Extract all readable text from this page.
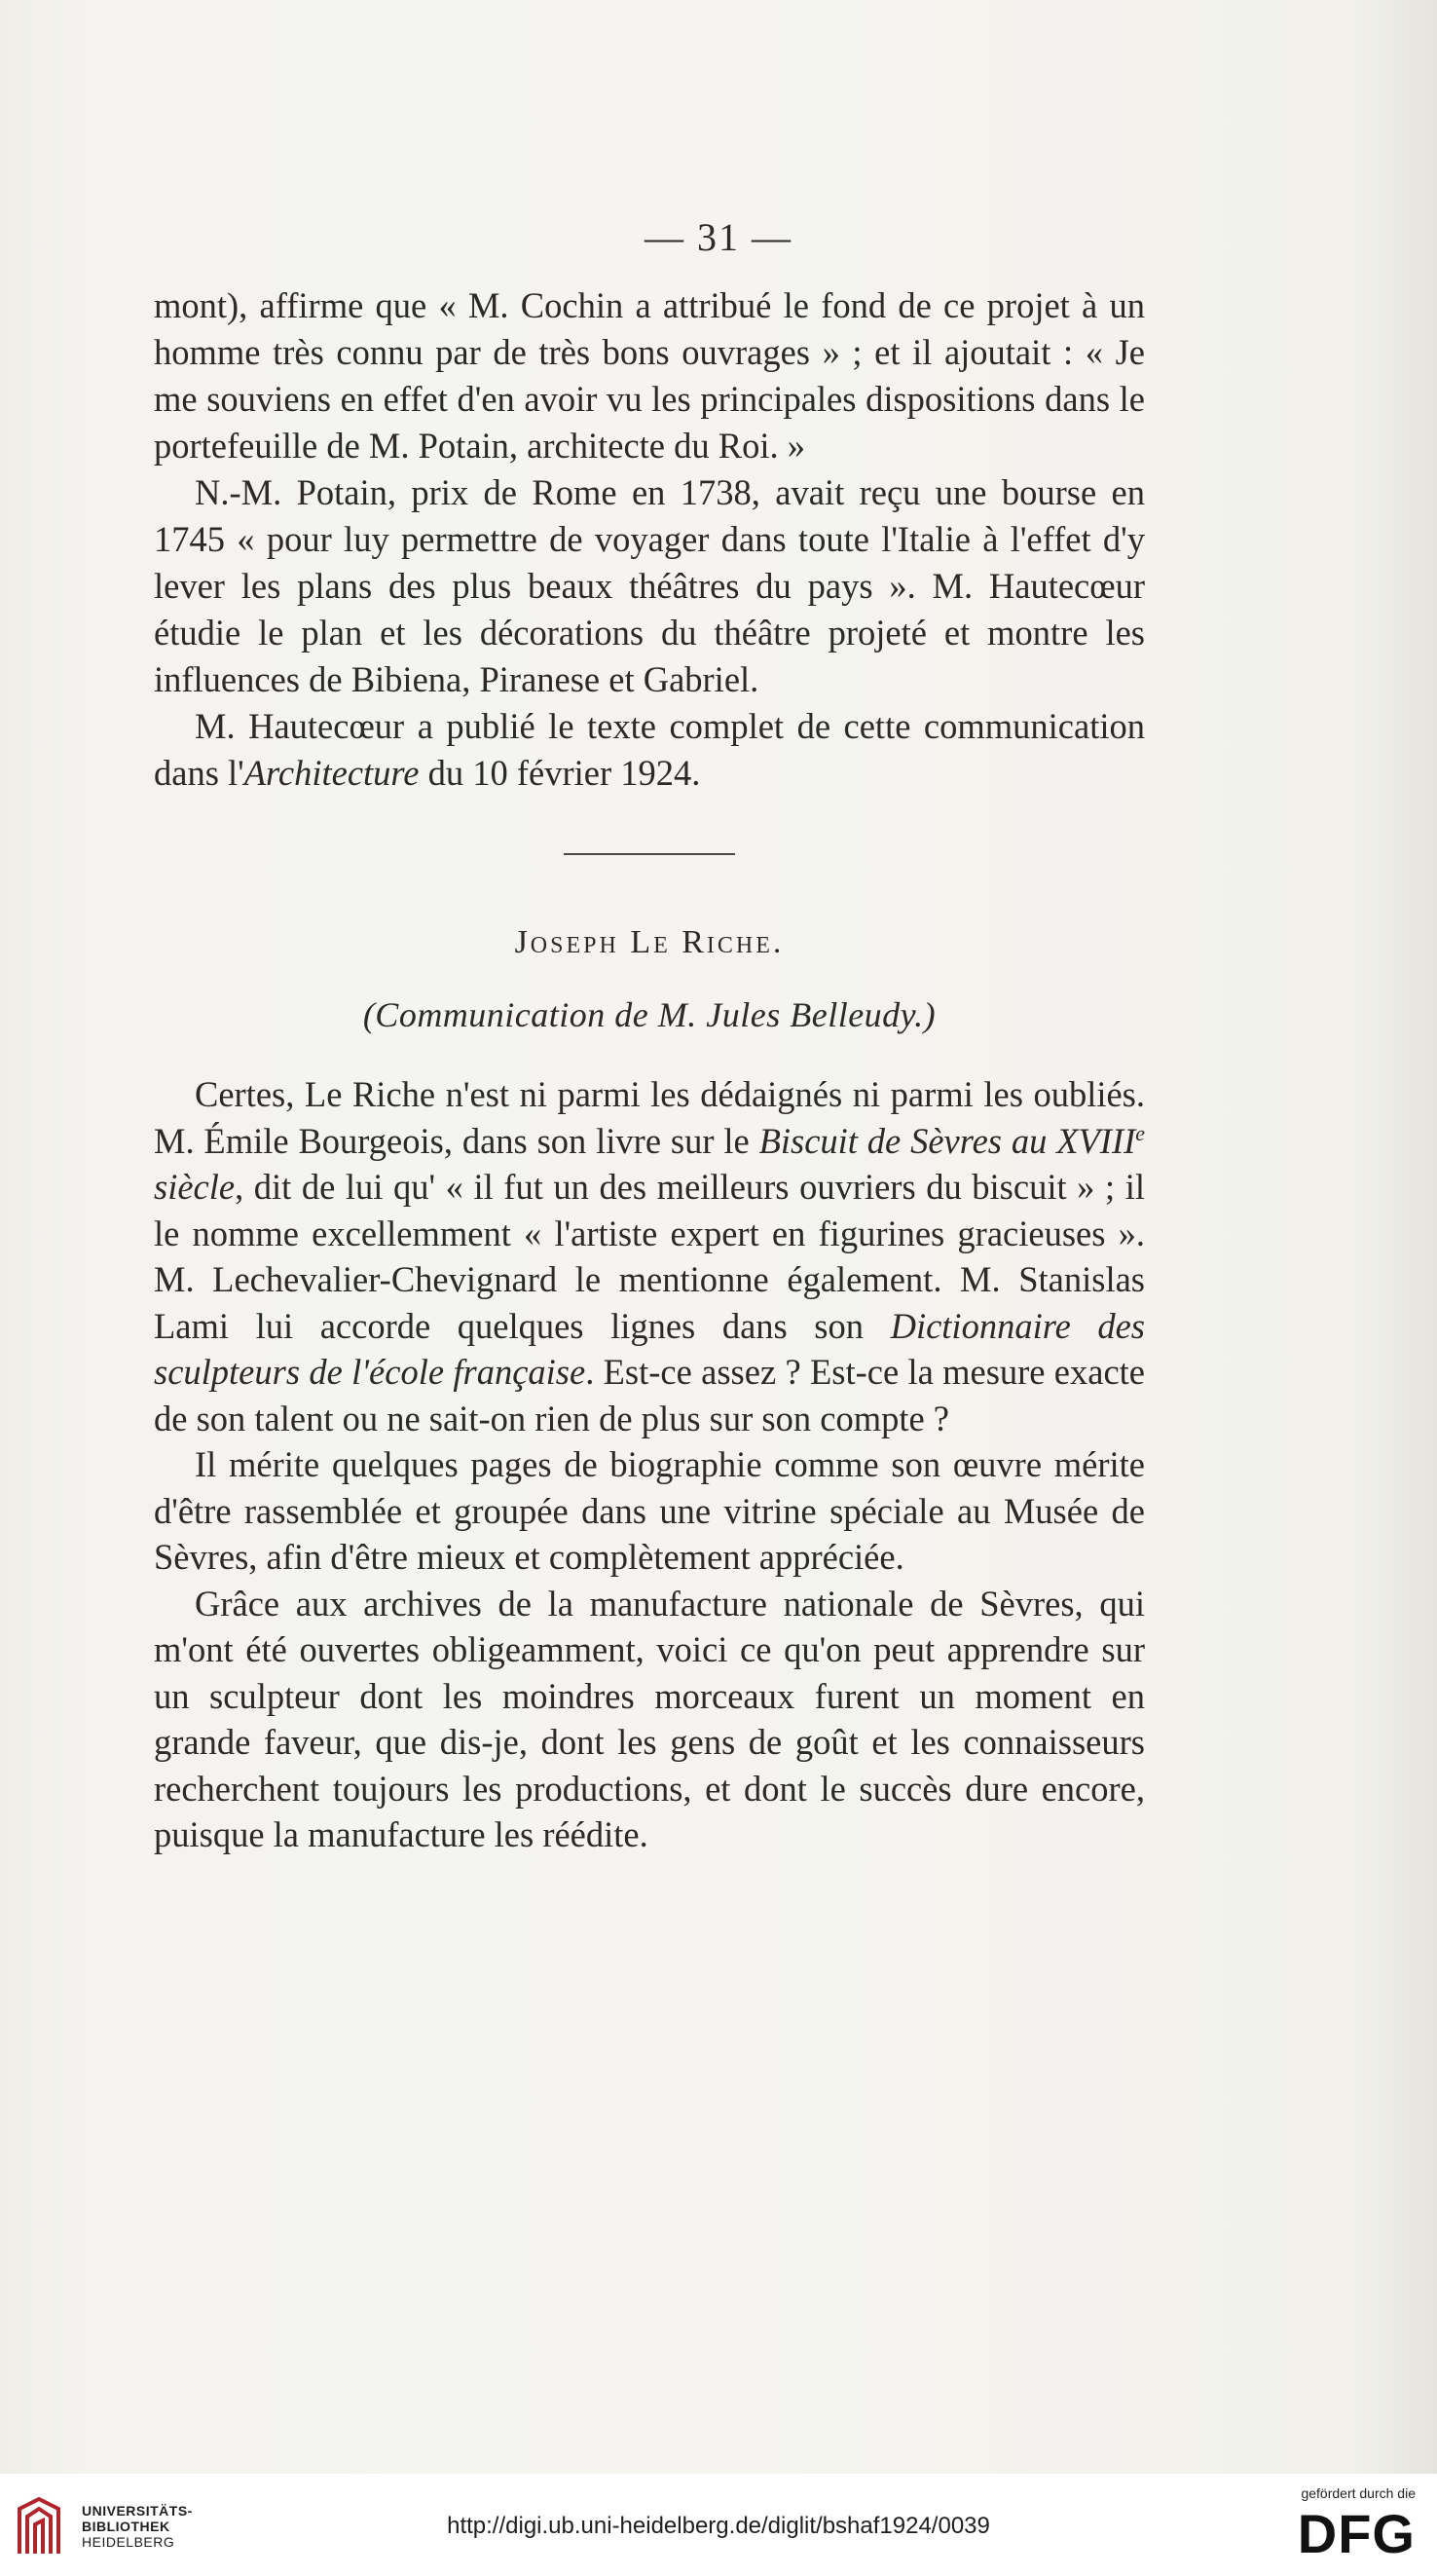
— 31 —

mont), affirme que « M. Cochin a attribué le fond de ce projet à un homme très connu par de très bons ouvrages » ; et il ajoutait : « Je me souviens en effet d'en avoir vu les principales dispositions dans le portefeuille de M. Potain, architecte du Roi. »

N.-M. Potain, prix de Rome en 1738, avait reçu une bourse en 1745 « pour luy permettre de voyager dans toute l'Italie à l'effet d'y lever les plans des plus beaux théâtres du pays ». M. Hautecœur étudie le plan et les décorations du théâtre projeté et montre les influences de Bibiena, Piranese et Gabriel.

M. Hautecœur a publié le texte complet de cette communication dans l'Architecture du 10 février 1924.

Joseph Le Riche.
(Communication de M. Jules Belleudy.)

Certes, Le Riche n'est ni parmi les dédaignés ni parmi les oubliés. M. Émile Bourgeois, dans son livre sur le Biscuit de Sèvres au XVIIIe siècle, dit de lui qu' « il fut un des meilleurs ouvriers du biscuit » ; il le nomme excellemment « l'artiste expert en figurines gracieuses ». M. Lechevalier-Chevignard le mentionne également. M. Stanislas Lami lui accorde quelques lignes dans son Dictionnaire des sculpteurs de l'école française. Est-ce assez ? Est-ce la mesure exacte de son talent ou ne sait-on rien de plus sur son compte ?

Il mérite quelques pages de biographie comme son œuvre mérite d'être rassemblée et groupée dans une vitrine spéciale au Musée de Sèvres, afin d'être mieux et complètement appréciée.

Grâce aux archives de la manufacture nationale de Sèvres, qui m'ont été ouvertes obligeamment, voici ce qu'on peut apprendre sur un sculpteur dont les moindres morceaux furent un moment en grande faveur, que dis-je, dont les gens de goût et les connaisseurs recherchent toujours les productions, et dont le succès dure encore, puisque la manufacture les réédite.

UNIVERSITÄTS-
BIBLIOTHEK
HEIDELBERG
http://digi.ub.uni-heidelberg.de/diglit/bshaf1924/0039
gefördert durch die
DFG
